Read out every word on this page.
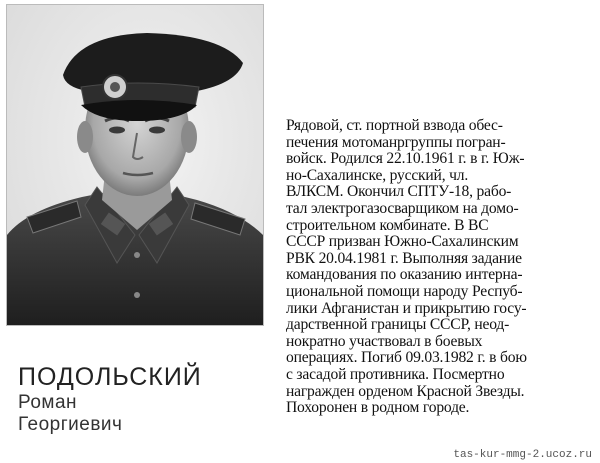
Рядовой, ст. портной взвода обес-
печения мотоманргруппы погран-
войск. Родился 22.10.1961 г. в г. Юж-
но-Сахалинске, русский, чл.
ВЛКСМ. Окончил СПТУ-18, рабо-
тал электрогазосварщиком на домо-
строительном комбинате. В ВС
СССР призван Южно-Сахалинским
РВК 20.04.1981 г. Выполняя задание
командования по оказанию интерна-
циональной помощи народу Респуб-
лики Афганистан и прикрытию госу-
дарственной границы СССР, неод-
нократно участвовал в боевых
операциях. Погиб 09.03.1982 г. в бою
с засадой противника. Посмертно
награжден орденом Красной Звезды.
Похоронен в родном городе.
ПОДОЛЬСКИЙ
Роман
Георгиевич
tas-kur-mmg-2.ucoz.ru
